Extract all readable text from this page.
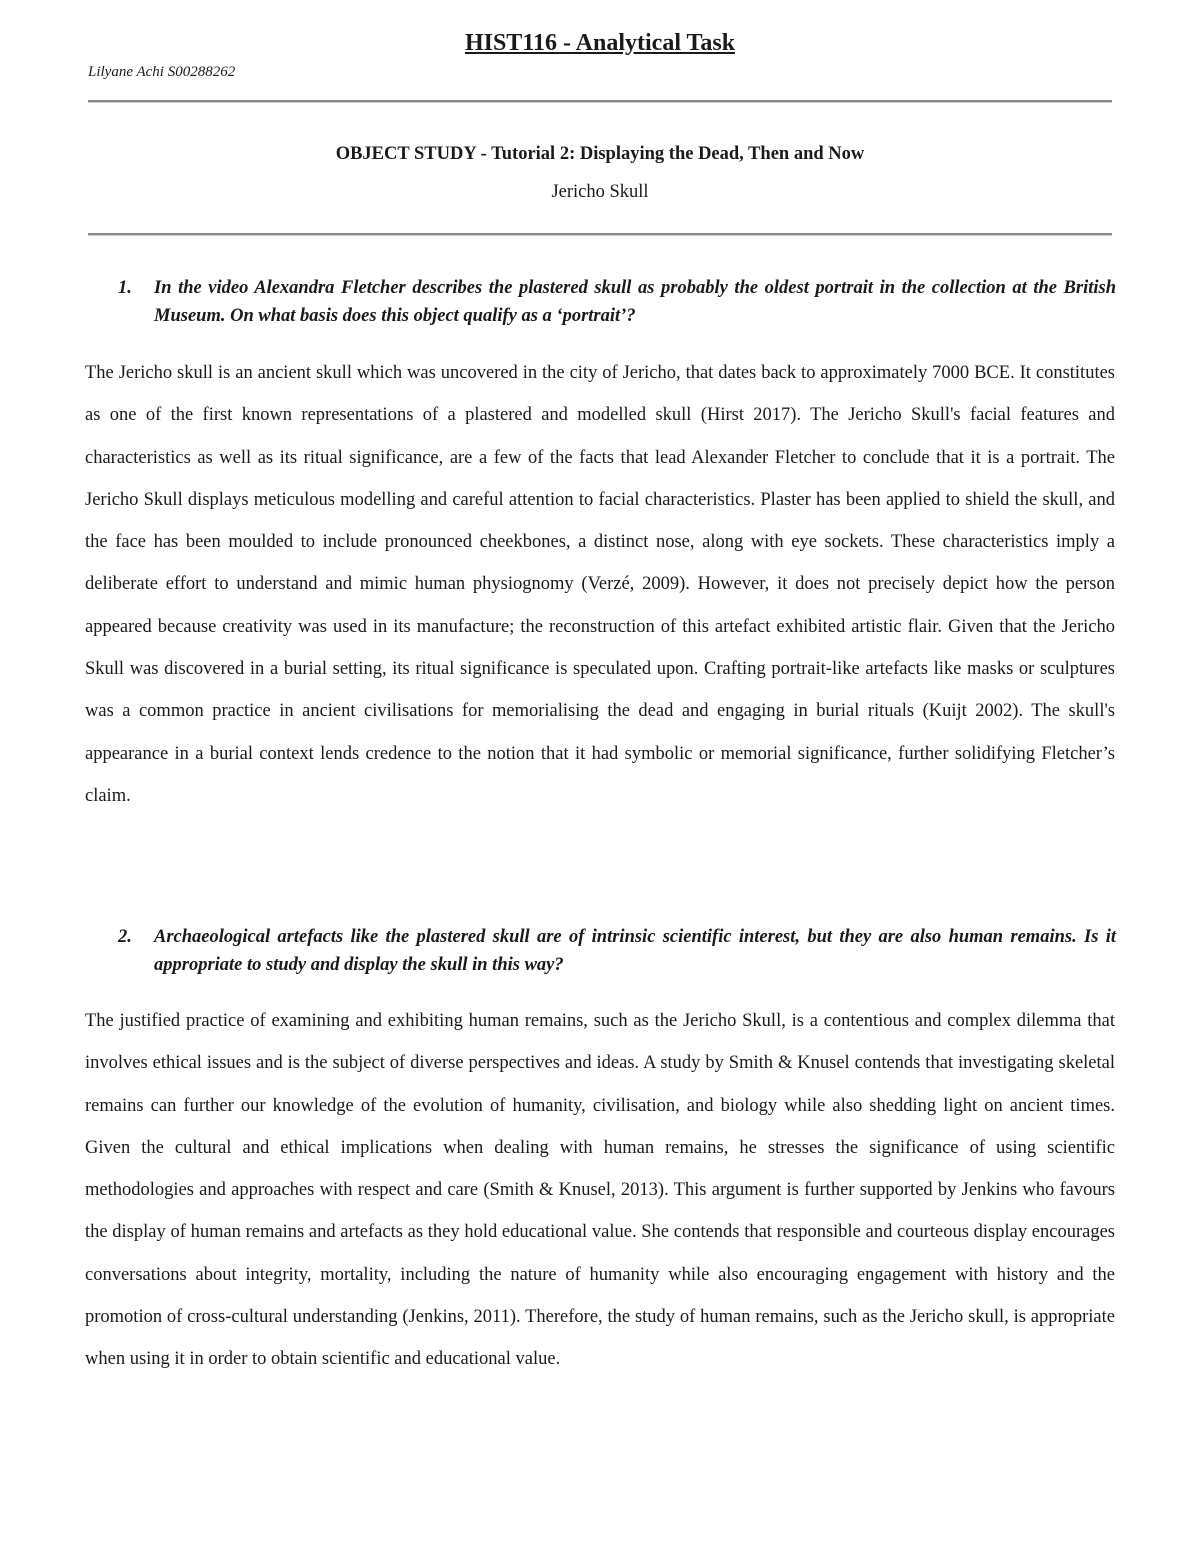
HIST116 - Analytical Task
Lilyane Achi S00288262
OBJECT STUDY - Tutorial 2: Displaying the Dead, Then and Now
Jericho Skull
1. In the video Alexandra Fletcher describes the plastered skull as probably the oldest portrait in the collection at the British Museum. On what basis does this object qualify as a ‘portrait’?
The Jericho skull is an ancient skull which was uncovered in the city of Jericho, that dates back to approximately 7000 BCE. It constitutes as one of the first known representations of a plastered and modelled skull (Hirst 2017). The Jericho Skull's facial features and characteristics as well as its ritual significance, are a few of the facts that lead Alexander Fletcher to conclude that it is a portrait. The Jericho Skull displays meticulous modelling and careful attention to facial characteristics. Plaster has been applied to shield the skull, and the face has been moulded to include pronounced cheekbones, a distinct nose, along with eye sockets. These characteristics imply a deliberate effort to understand and mimic human physiognomy (Verzé, 2009). However, it does not precisely depict how the person appeared because creativity was used in its manufacture; the reconstruction of this artefact exhibited artistic flair. Given that the Jericho Skull was discovered in a burial setting, its ritual significance is speculated upon. Crafting portrait-like artefacts like masks or sculptures was a common practice in ancient civilisations for memorialising the dead and engaging in burial rituals (Kuijt 2002). The skull's appearance in a burial context lends credence to the notion that it had symbolic or memorial significance, further solidifying Fletcher’s claim.
2. Archaeological artefacts like the plastered skull are of intrinsic scientific interest, but they are also human remains. Is it appropriate to study and display the skull in this way?
The justified practice of examining and exhibiting human remains, such as the Jericho Skull, is a contentious and complex dilemma that involves ethical issues and is the subject of diverse perspectives and ideas. A study by Smith & Knusel contends that investigating skeletal remains can further our knowledge of the evolution of humanity, civilisation, and biology while also shedding light on ancient times. Given the cultural and ethical implications when dealing with human remains, he stresses the significance of using scientific methodologies and approaches with respect and care (Smith & Knusel, 2013). This argument is further supported by Jenkins who favours the display of human remains and artefacts as they hold educational value. She contends that responsible and courteous display encourages conversations about integrity, mortality, including the nature of humanity while also encouraging engagement with history and the promotion of cross-cultural understanding (Jenkins, 2011). Therefore, the study of human remains, such as the Jericho skull, is appropriate when using it in order to obtain scientific and educational value.
